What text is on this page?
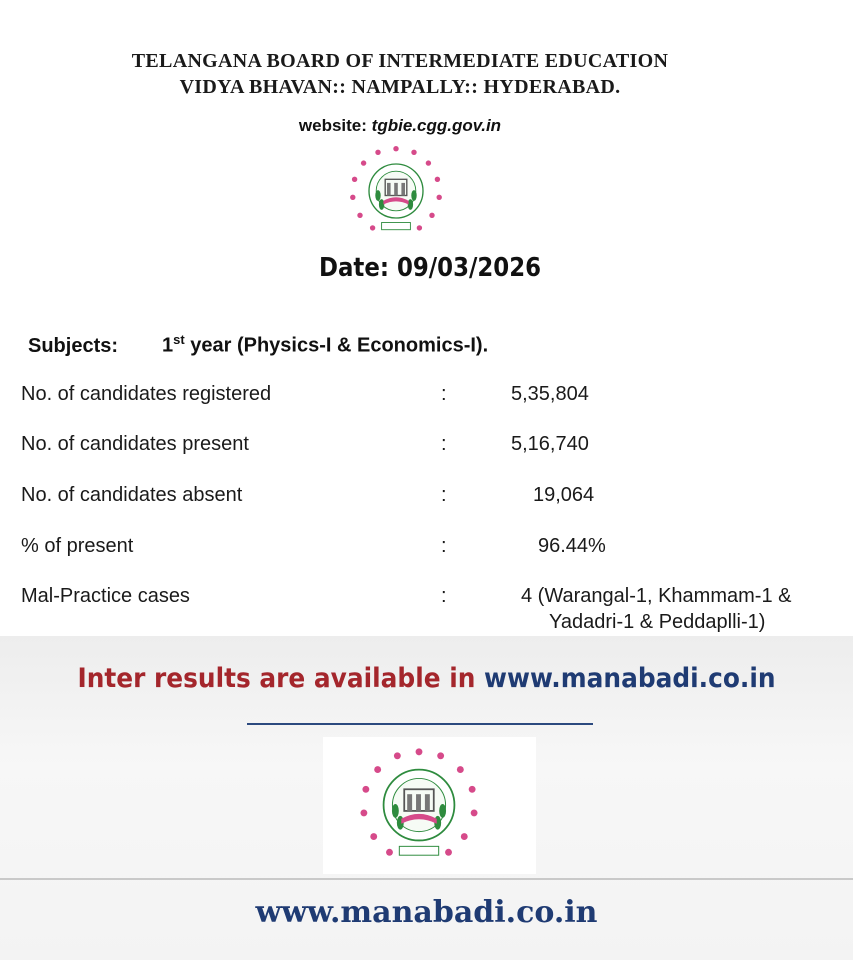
TELANGANA BOARD OF INTERMEDIATE EDUCATION
VIDYA BHAVAN:: NAMPALLY:: HYDERABAD.
website: tgbie.cgg.gov.in
Date: 09/03/2026
Subjects: 1st year (Physics-I & Economics-I).
No. of candidates registered	:	5,35,804
No. of candidates present	:	5,16,740
No. of candidates absent	:	19,064
% of present	:	96.44%
Mal-Practice cases	:	4 (Warangal-1, Khammam-1 &
Yadadri-1 & Peddaplli-1)
Inter results are available in www.manabadi.co.in
www.manabadi.co.in
